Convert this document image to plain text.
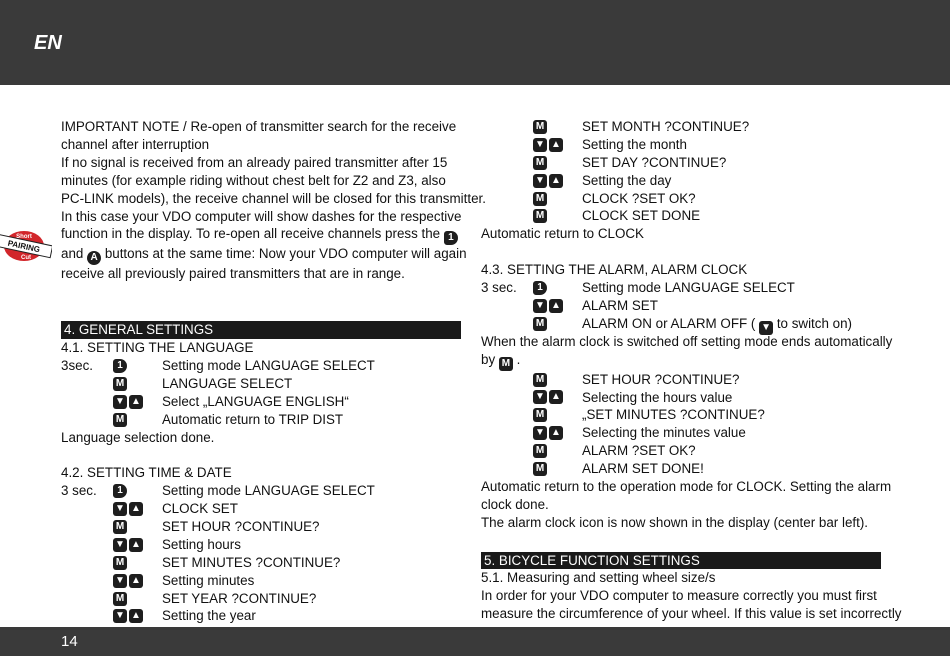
EN
Short
PAIRING
Cut
IMPORTANT NOTE / Re-open of transmitter search for the receive
channel after interruption
If no signal is received from an already paired transmitter after 15
minutes (for example riding without chest belt for Z2 and Z3, also
PC-LINK models), the receive channel will be closed for this transmitter.
In this case your VDO computer will show dashes for the respective
function in the display. To re-open all receive channels press the 1
and A buttons at the same time: Now your VDO computer will again
receive all previously paired transmitters that are in range.
4. GENERAL SETTINGS
4.1. SETTING THE LANGUAGE
3sec.	1	Setting mode LANGUAGE SELECT
M	LANGUAGE SELECT
▼ ▲ Select „LANGUAGE ENGLISH“
M	Automatic return to TRIP DIST
Language selection done.
4.2. SETTING TIME & DATE
3 sec.	1	Setting mode LANGUAGE SELECT
▼ ▲ CLOCK SET
M	SET HOUR ?CONTINUE?
▼ ▲ Setting hours
M	SET MINUTES ?CONTINUE?
▼ ▲ Setting minutes
M	SET YEAR ?CONTINUE?
▼ ▲ Setting the year
M	SET MONTH ?CONTINUE?
▼ ▲ Setting the month
M	SET DAY ?CONTINUE?
▼ ▲ Setting the day
M	CLOCK ?SET OK?
M	CLOCK SET DONE
Automatic return to CLOCK
4.3. SETTING THE ALARM, ALARM CLOCK
3 sec.	1	Setting mode LANGUAGE SELECT
▼ ▲ ALARM SET
M	ALARM ON or ALARM OFF ( ▼ to switch on)
When the alarm clock is switched off setting mode ends automatically
by M .
M	SET HOUR ?CONTINUE?
▼ ▲ Selecting the hours value
M	„SET MINUTES ?CONTINUE?
▼ ▲ Selecting the minutes value
M	ALARM ?SET OK?
M	ALARM SET DONE!
Automatic return to the operation mode for CLOCK. Setting the alarm
clock done.
The alarm clock icon is now shown in the display (center bar left).
5. BICYCLE FUNCTION SETTINGS
5.1. Measuring and setting wheel size/s
In order for your VDO computer to measure correctly you must first
measure the circumference of your wheel. If this value is set incorrectly
14
